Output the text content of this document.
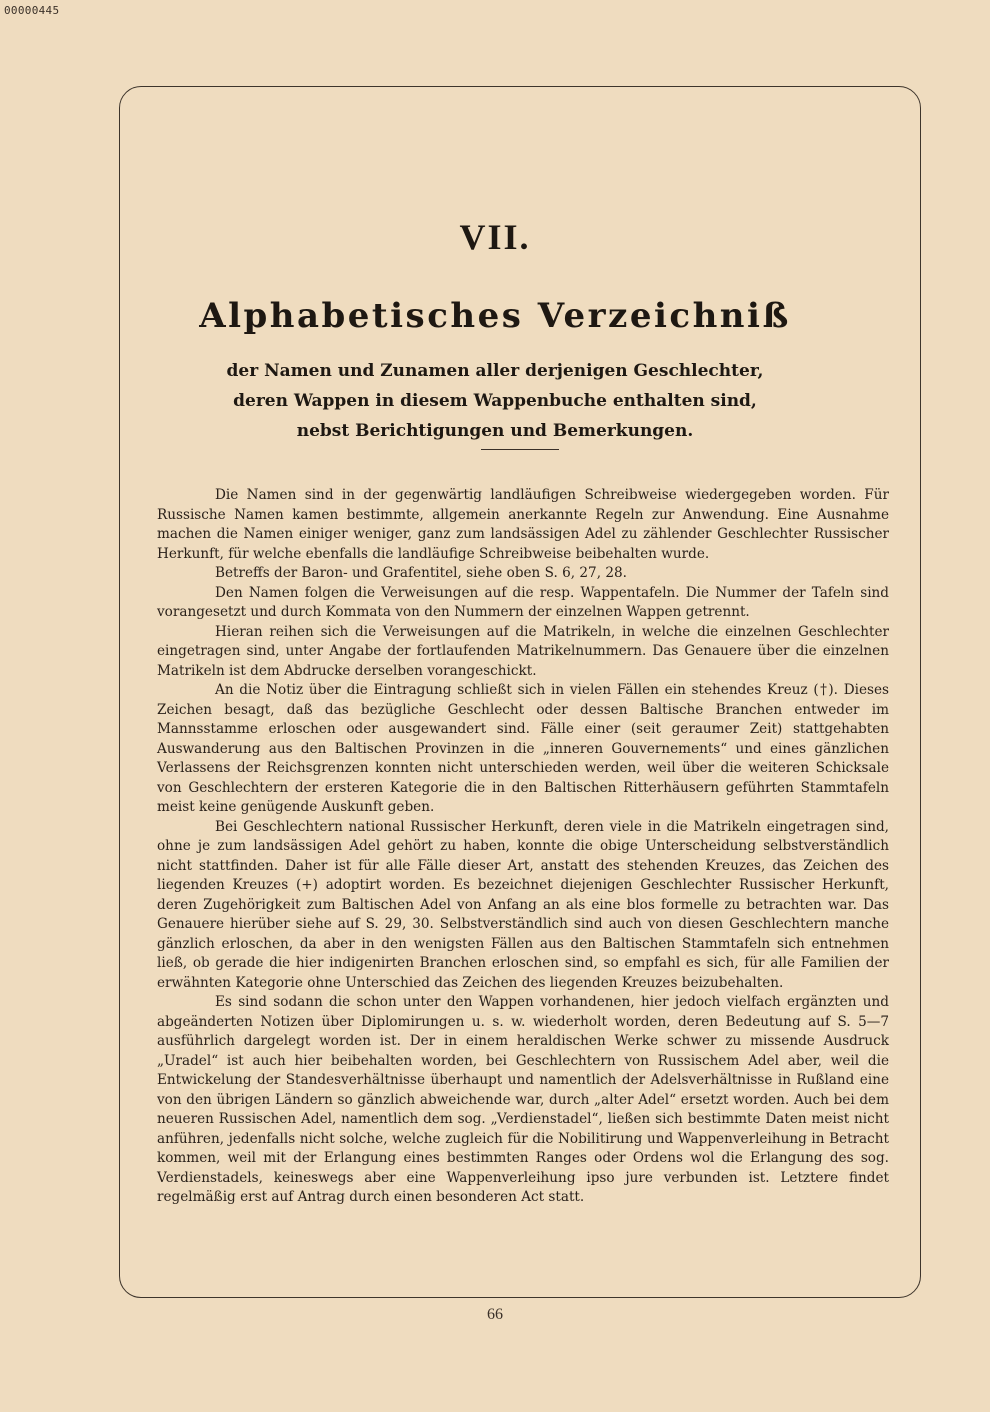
00000445
VII.
Alphabetisches Verzeichniß
der Namen und Zunamen aller derjenigen Geschlechter, deren Wappen in diesem Wappenbuche enthalten sind, nebst Berichtigungen und Bemerkungen.

Die Namen sind in der gegenwärtig landläufigen Schreibweise wiedergegeben worden. Für Russische Namen kamen bestimmte, allgemein anerkannte Regeln zur Anwendung. Eine Ausnahme machen die Namen einiger weniger, ganz zum landsässigen Adel zu zählender Geschlechter Russischer Herkunft, für welche ebenfalls die landläufige Schreibweise beibehalten wurde.

Betreffs der Baron- und Grafentitel, siehe oben S. 6, 27, 28.

Den Namen folgen die Verweisungen auf die resp. Wappentafeln. Die Nummer der Tafeln sind vorangesetzt und durch Kommata von den Nummern der einzelnen Wappen getrennt.

Hieran reihen sich die Verweisungen auf die Matrikeln, in welche die einzelnen Geschlechter eingetragen sind, unter Angabe der fortlaufenden Matrikelnummern. Das Genauere über die einzelnen Matrikeln ist dem Abdrucke derselben vorangeschickt.

An die Notiz über die Eintragung schließt sich in vielen Fällen ein stehendes Kreuz (†). Dieses Zeichen besagt, daß das bezügliche Geschlecht oder dessen Baltische Branchen entweder im Mannsstamme erloschen oder ausgewandert sind. Fälle einer (seit geraumer Zeit) stattgehabten Auswanderung aus den Baltischen Provinzen in die „inneren Gouvernements“ und eines gänzlichen Verlassens der Reichsgrenzen konnten nicht unterschieden werden, weil über die weiteren Schicksale von Geschlechtern der ersteren Kategorie die in den Baltischen Ritterhäusern geführten Stammtafeln meist keine genügende Auskunft geben.

Bei Geschlechtern national Russischer Herkunft, deren viele in die Matrikeln eingetragen sind, ohne je zum landsässigen Adel gehört zu haben, konnte die obige Unterscheidung selbstverständlich nicht stattfinden. Daher ist für alle Fälle dieser Art, anstatt des stehenden Kreuzes, das Zeichen des liegenden Kreuzes (+) adoptirt worden. Es bezeichnet diejenigen Geschlechter Russischer Herkunft, deren Zugehörigkeit zum Baltischen Adel von Anfang an als eine blos formelle zu betrachten war. Das Genauere hierüber siehe auf S. 29, 30. Selbstverständlich sind auch von diesen Geschlechtern manche gänzlich erloschen, da aber in den wenigsten Fällen aus den Baltischen Stammtafeln sich entnehmen ließ, ob gerade die hier indigenirten Branchen erloschen sind, so empfahl es sich, für alle Familien der erwähnten Kategorie ohne Unterschied das Zeichen des liegenden Kreuzes beizubehalten.

Es sind sodann die schon unter den Wappen vorhandenen, hier jedoch vielfach ergänzten und abgeänderten Notizen über Diplomirungen u. s. w. wiederholt worden, deren Bedeutung auf S. 5—7 ausführlich dargelegt worden ist. Der in einem heraldischen Werke schwer zu missende Ausdruck „Uradel“ ist auch hier beibehalten worden, bei Geschlechtern von Russischem Adel aber, weil die Entwickelung der Standesverhältnisse überhaupt und namentlich der Adelsverhältnisse in Rußland eine von den übrigen Ländern so gänzlich abweichende war, durch „alter Adel“ ersetzt worden. Auch bei dem neueren Russischen Adel, namentlich dem sog. „Verdienstadel“, ließen sich bestimmte Daten meist nicht anführen, jedenfalls nicht solche, welche zugleich für die Nobilitirung und Wappenverleihung in Betracht kommen, weil mit der Erlangung eines bestimmten Ranges oder Ordens wol die Erlangung des sog. Verdienstadels, keineswegs aber eine Wappenverleihung ipso jure verbunden ist. Letztere findet regelmäßig erst auf Antrag durch einen besonderen Act statt.

66
